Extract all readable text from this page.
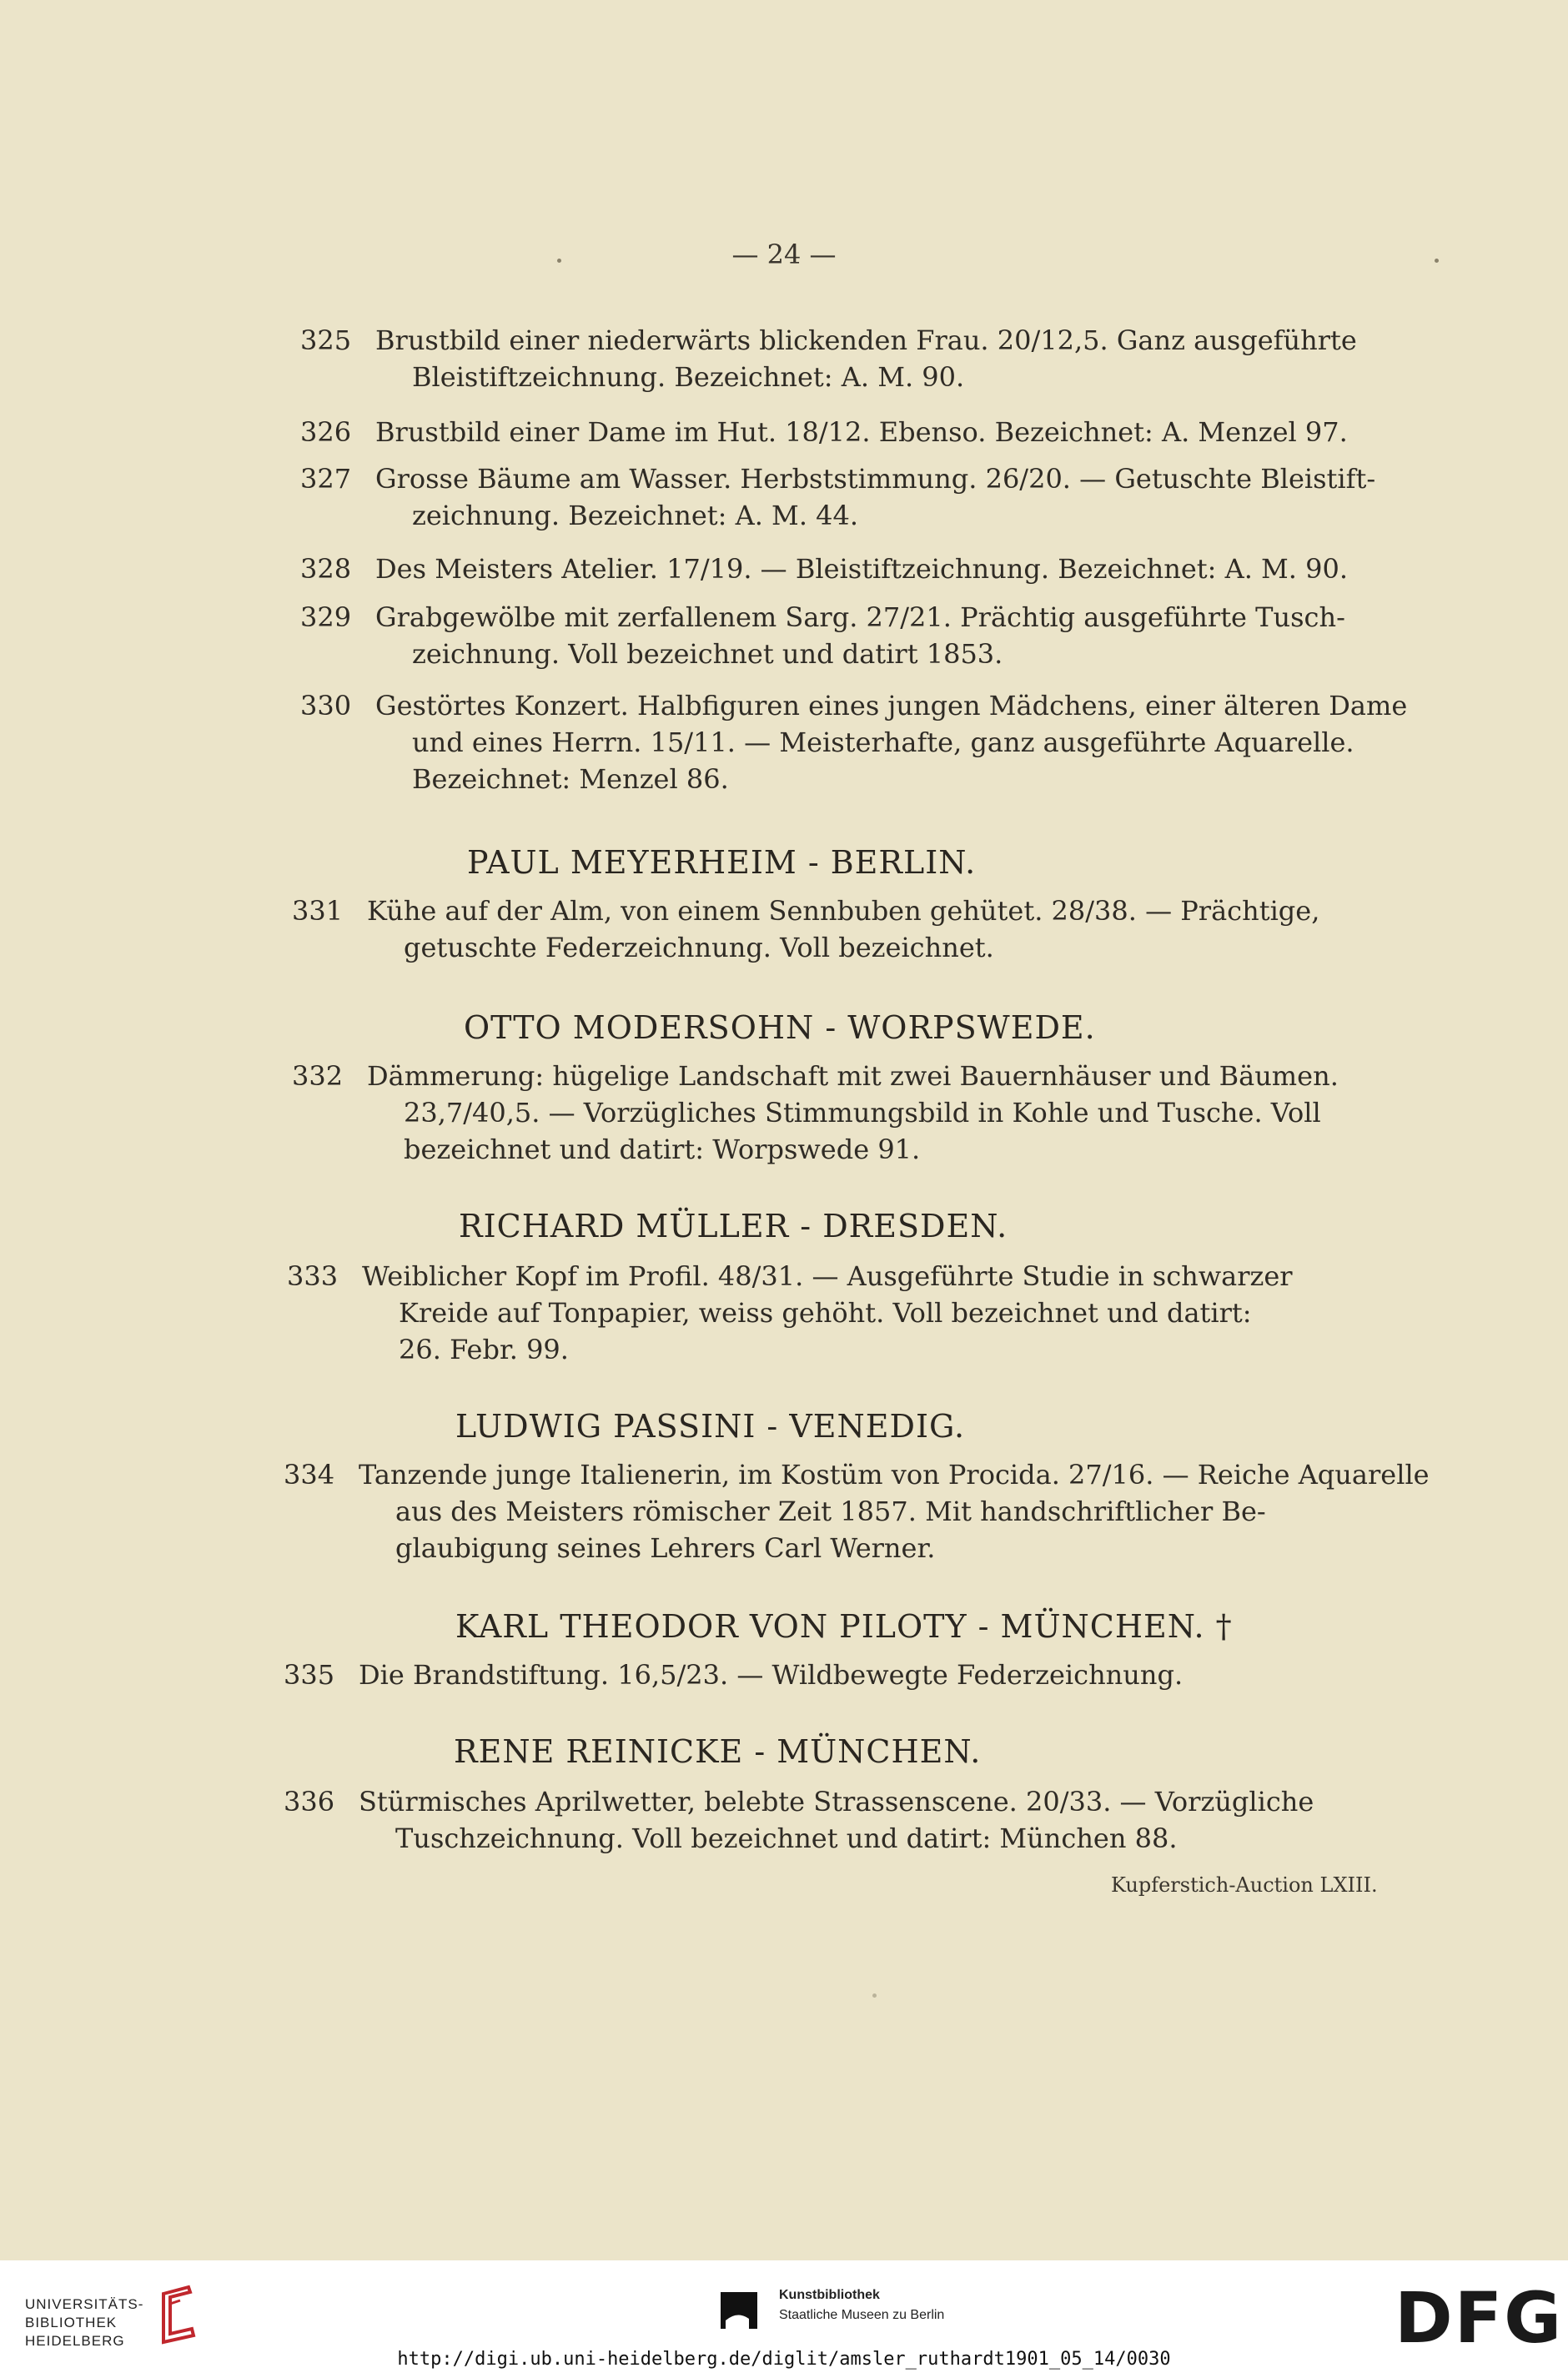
— 24 —
325 Brustbild einer niederwärts blickenden Frau. 20/12,5. Ganz ausgeführte
Bleistiftzeichnung. Bezeichnet: A. M. 90.
326 Brustbild einer Dame im Hut. 18/12. Ebenso. Bezeichnet: A. Menzel 97.
327 Grosse Bäume am Wasser. Herbststimmung. 26/20. — Getuschte Bleistift-
zeichnung. Bezeichnet: A. M. 44.
328 Des Meisters Atelier. 17/19. — Bleistiftzeichnung. Bezeichnet: A. M. 90.
329 Grabgewölbe mit zerfallenem Sarg. 27/21. Prächtig ausgeführte Tusch-
zeichnung. Voll bezeichnet und datirt 1853.
330 Gestörtes Konzert. Halbfiguren eines jungen Mädchens, einer älteren Dame
und eines Herrn. 15/11. — Meisterhafte, ganz ausgeführte Aquarelle.
Bezeichnet: Menzel 86.
PAUL MEYERHEIM - BERLIN.
331 Kühe auf der Alm, von einem Sennbuben gehütet. 28/38. — Prächtige,
getuschte Federzeichnung. Voll bezeichnet.
OTTO MODERSOHN - WORPSWEDE.
332 Dämmerung: hügelige Landschaft mit zwei Bauernhäuser und Bäumen.
23,7/40,5. — Vorzügliches Stimmungsbild in Kohle und Tusche. Voll
bezeichnet und datirt: Worpswede 91.
RICHARD MÜLLER - DRESDEN.
333 Weiblicher Kopf im Profil. 48/31. — Ausgeführte Studie in schwarzer
Kreide auf Tonpapier, weiss gehöht. Voll bezeichnet und datirt:
26. Febr. 99.
LUDWIG PASSINI - VENEDIG.
334 Tanzende junge Italienerin, im Kostüm von Procida. 27/16. — Reiche Aquarelle
aus des Meisters römischer Zeit 1857. Mit handschriftlicher Be-
glaubigung seines Lehrers Carl Werner.
KARL THEODOR VON PILOTY - MÜNCHEN. †
335 Die Brandstiftung. 16,5/23. — Wildbewegte Federzeichnung.
RENE REINICKE - MÜNCHEN.
336 Stürmisches Aprilwetter, belebte Strassenscene. 20/33. — Vorzügliche
Tuschzeichnung. Voll bezeichnet und datirt: München 88.
Kupferstich-Auction LXIII.
UNIVERSITÄTS-
BIBLIOTHEK
HEIDELBERG
Kunstbibliothek
Staatliche Museen zu Berlin	DFG
http://digi.ub.uni-heidelberg.de/diglit/amsler_ruthardt1901_05_14/0030
